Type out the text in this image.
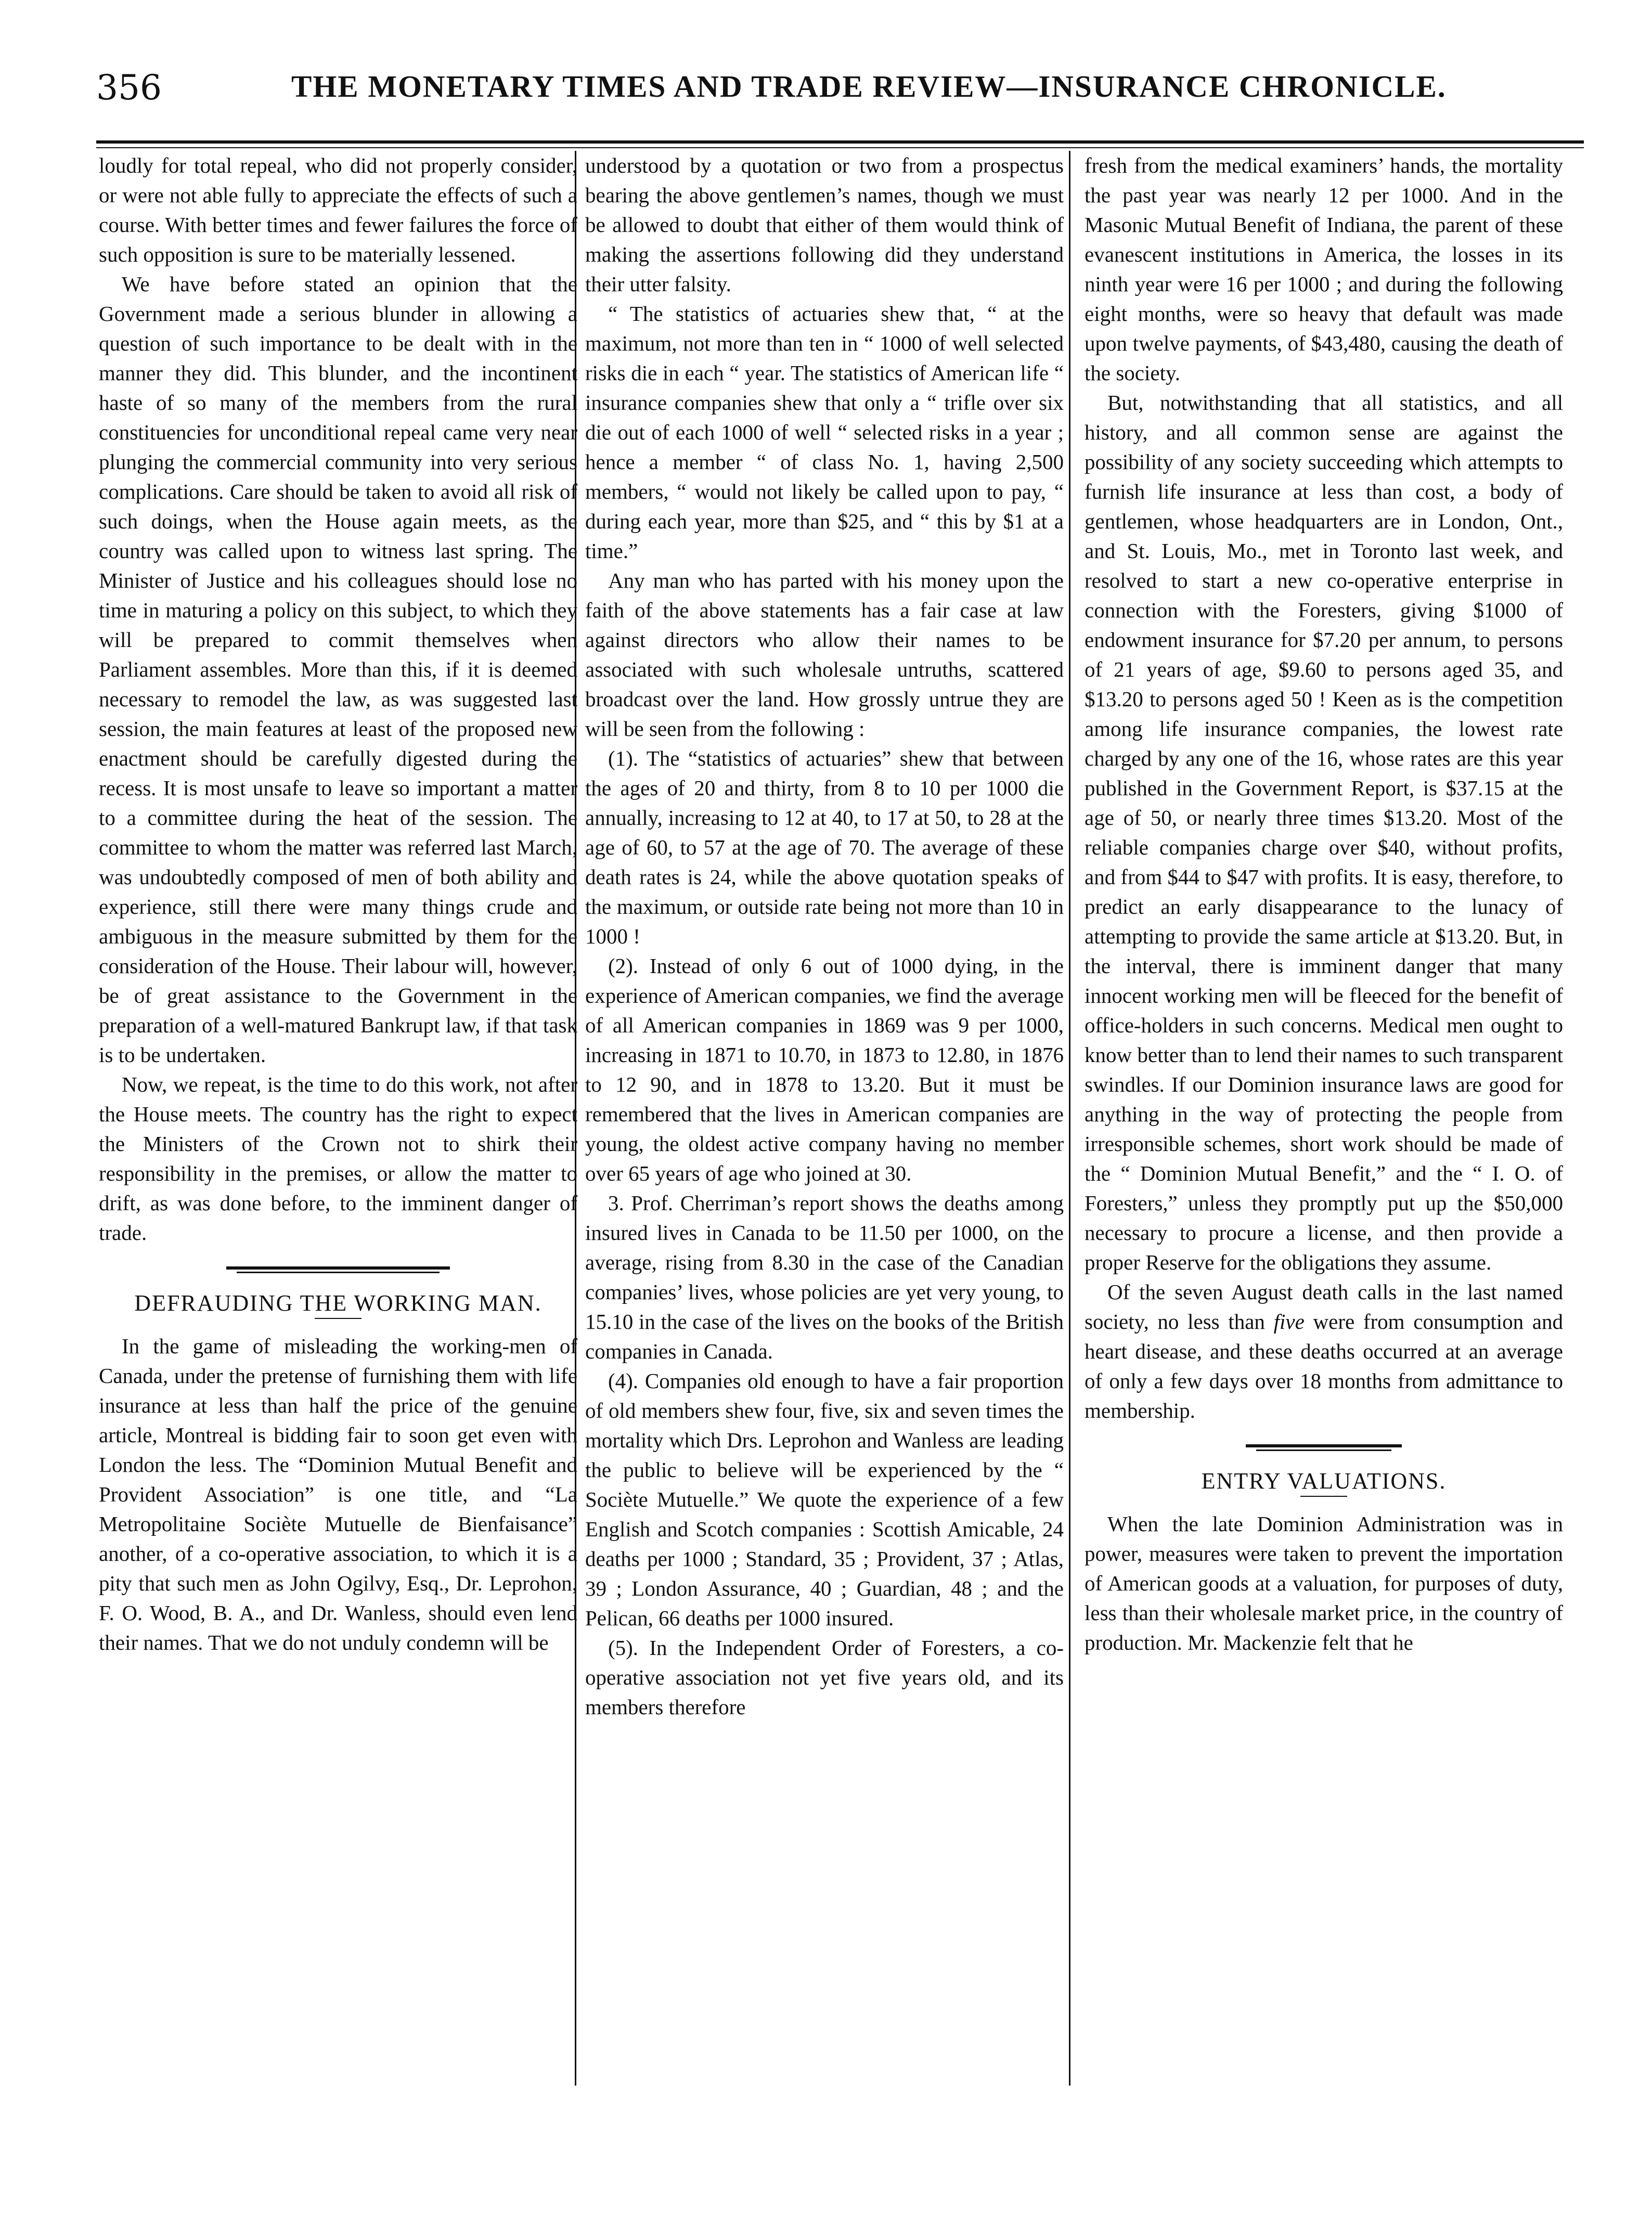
356	THE MONETARY TIMES AND TRADE REVIEW—INSURANCE CHRONICLE.

loudly for total repeal, who did not properly consider, or were not able fully to appreciate the effects of such a course. With better times and fewer failures the force of such opposition is sure to be materially lessened.

We have before stated an opinion that the Government made a serious blunder in allowing a question of such importance to be dealt with in the manner they did. This blunder, and the incontinent haste of so many of the members from the rural constituencies for unconditional repeal came very near plunging the commercial community into very serious complications. Care should be taken to avoid all risk of such doings, when the House again meets, as the country was called upon to witness last spring. The Minister of Justice and his colleagues should lose no time in maturing a policy on this subject, to which they will be prepared to commit themselves when Parliament assembles. More than this, if it is deemed necessary to remodel the law, as was suggested last session, the main features at least of the proposed new enactment should be carefully digested during the recess. It is most unsafe to leave so important a matter to a committee during the heat of the session. The committee to whom the matter was referred last March, was undoubtedly composed of men of both ability and experience, still there were many things crude and ambiguous in the measure submitted by them for the consideration of the House. Their labour will, however, be of great assistance to the Government in the preparation of a well-matured Bankrupt law, if that task is to be undertaken.

Now, we repeat, is the time to do this work, not after the House meets. The country has the right to expect the Ministers of the Crown not to shirk their responsibility in the premises, or allow the matter to drift, as was done before, to the imminent danger of trade.

DEFRAUDING THE WORKING MAN.

In the game of misleading the working-men of Canada, under the pretense of furnishing them with life insurance at less than half the price of the genuine article, Montreal is bidding fair to soon get even with London the less. The “Dominion Mutual Benefit and Provident Association” is one title, and “La Metropolitaine Sociète Mutuelle de Bienfaisance” another, of a co-operative association, to which it is a pity that such men as John Ogilvy, Esq., Dr. Leprohon, F. O. Wood, B. A., and Dr. Wanless, should even lend their names. That we do not unduly condemn will be

understood by a quotation or two from a prospectus bearing the above gentlemen’s names, though we must be allowed to doubt that either of them would think of making the assertions following did they understand their utter falsity.

“ The statistics of actuaries shew that, “ at the maximum, not more than ten in “ 1000 of well selected risks die in each “ year. The statistics of American life “ insurance companies shew that only a “ trifle over six die out of each 1000 of well “ selected risks in a year ; hence a member “ of class No. 1, having 2,500 members, “ would not likely be called upon to pay, “ during each year, more than $25, and “ this by $1 at a time.”

Any man who has parted with his money upon the faith of the above statements has a fair case at law against directors who allow their names to be associated with such wholesale untruths, scattered broadcast over the land. How grossly untrue they are will be seen from the following :

(1). The “statistics of actuaries” shew that between the ages of 20 and thirty, from 8 to 10 per 1000 die annually, increasing to 12 at 40, to 17 at 50, to 28 at the age of 60, to 57 at the age of 70. The average of these death rates is 24, while the above quotation speaks of the maximum, or outside rate being not more than 10 in 1000 !

(2). Instead of only 6 out of 1000 dying, in the experience of American companies, we find the average of all American companies in 1869 was 9 per 1000, increasing in 1871 to 10.70, in 1873 to 12.80, in 1876 to 12 90, and in 1878 to 13.20. But it must be remembered that the lives in American companies are young, the oldest active company having no member over 65 years of age who joined at 30.

3. Prof. Cherriman’s report shows the deaths among insured lives in Canada to be 11.50 per 1000, on the average, rising from 8.30 in the case of the Canadian companies’ lives, whose policies are yet very young, to 15.10 in the case of the lives on the books of the British companies in Canada.

(4). Companies old enough to have a fair proportion of old members shew four, five, six and seven times the mortality which Drs. Leprohon and Wanless are leading the public to believe will be experienced by the “ Sociète Mutuelle.” We quote the experience of a few English and Scotch companies : Scottish Amicable, 24 deaths per 1000 ; Standard, 35 ; Provident, 37 ; Atlas, 39 ; London Assurance, 40 ; Guardian, 48 ; and the Pelican, 66 deaths per 1000 insured.

(5). In the Independent Order of Foresters, a co-operative association not yet five years old, and its members therefore

fresh from the medical examiners’ hands, the mortality the past year was nearly 12 per 1000. And in the Masonic Mutual Benefit of Indiana, the parent of these evanescent institutions in America, the losses in its ninth year were 16 per 1000 ; and during the following eight months, were so heavy that default was made upon twelve payments, of $43,480, causing the death of the society.

But, notwithstanding that all statistics, and all history, and all common sense are against the possibility of any society succeeding which attempts to furnish life insurance at less than cost, a body of gentlemen, whose headquarters are in London, Ont., and St. Louis, Mo., met in Toronto last week, and resolved to start a new co-operative enterprise in connection with the Foresters, giving $1000 of endowment insurance for $7.20 per annum, to persons of 21 years of age, $9.60 to persons aged 35, and $13.20 to persons aged 50 ! Keen as is the competition among life insurance companies, the lowest rate charged by any one of the 16, whose rates are this year published in the Government Report, is $37.15 at the age of 50, or nearly three times $13.20. Most of the reliable companies charge over $40, without profits, and from $44 to $47 with profits. It is easy, therefore, to predict an early disappearance to the lunacy of attempting to provide the same article at $13.20. But, in the interval, there is imminent danger that many innocent working men will be fleeced for the benefit of office-holders in such concerns. Medical men ought to know better than to lend their names to such transparent swindles. If our Dominion insurance laws are good for anything in the way of protecting the people from irresponsible schemes, short work should be made of the “ Dominion Mutual Benefit,” and the “ I. O. of Foresters,” unless they promptly put up the $50,000 necessary to procure a license, and then provide a proper Reserve for the obligations they assume.

Of the seven August death calls in the last named society, no less than five were from consumption and heart disease, and these deaths occurred at an average of only a few days over 18 months from admittance to membership.

ENTRY VALUATIONS.

When the late Dominion Administration was in power, measures were taken to prevent the importation of American goods at a valuation, for purposes of duty, less than their wholesale market price, in the country of production. Mr. Mackenzie felt that he
